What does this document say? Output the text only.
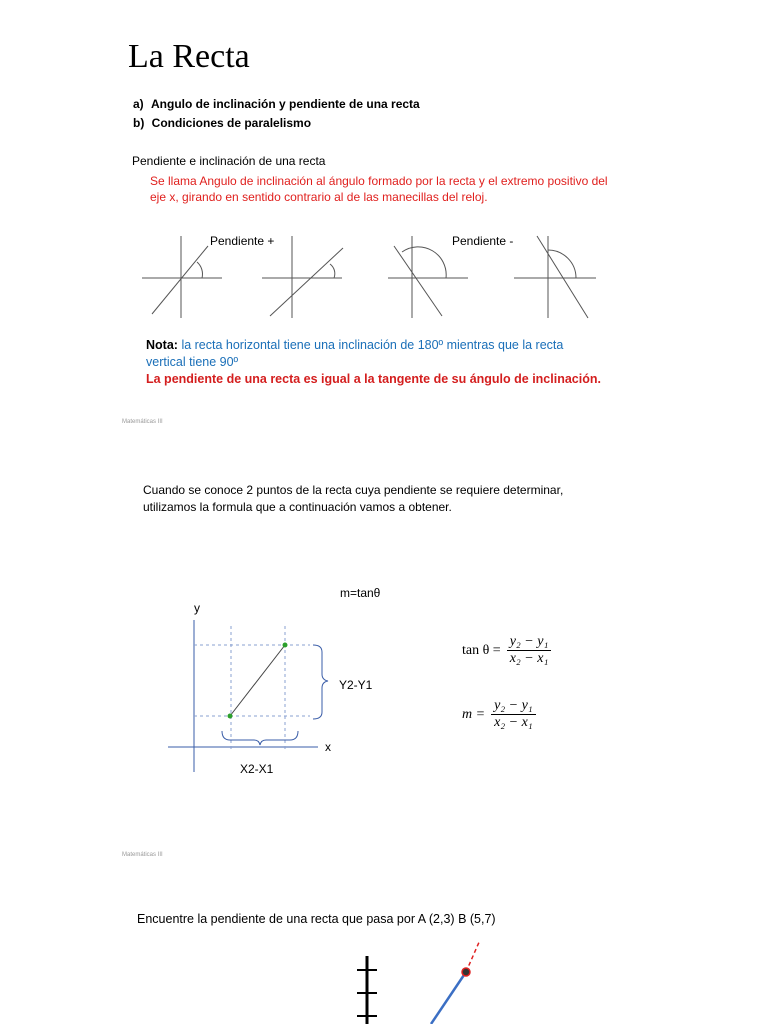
La Recta
a) Angulo de inclinación y pendiente de una recta
b) Condiciones de paralelismo
Pendiente e inclinación de una recta
Se llama Angulo de inclinación al ángulo formado por la recta y el extremo positivo del
eje x, girando en sentido contrario al de las manecillas del reloj.
Pendiente +	Pendiente -
Nota: la recta horizontal tiene una inclinación de 180º mientras que la recta
vertical tiene 90º
La pendiente de una recta es igual a la tangente de su ángulo de inclinación.
Matemáticas III
Cuando se conoce 2 puntos de la recta cuya pendiente se requiere determinar,
utilizamos la formula que a continuación vamos a obtener.
m=tanθ
y
x
Y2-Y1
X2-X1
$\tan \theta = \frac{\text{y₂ − y₁}}{\text{x₂ − x₁}}$
$m = \frac{\text{y₂ − y₁}}{\text{x₂ − x₁}}$
Matemáticas III
Encuentre la pendiente de una recta que pasa por A (2,3) B (5,7)
